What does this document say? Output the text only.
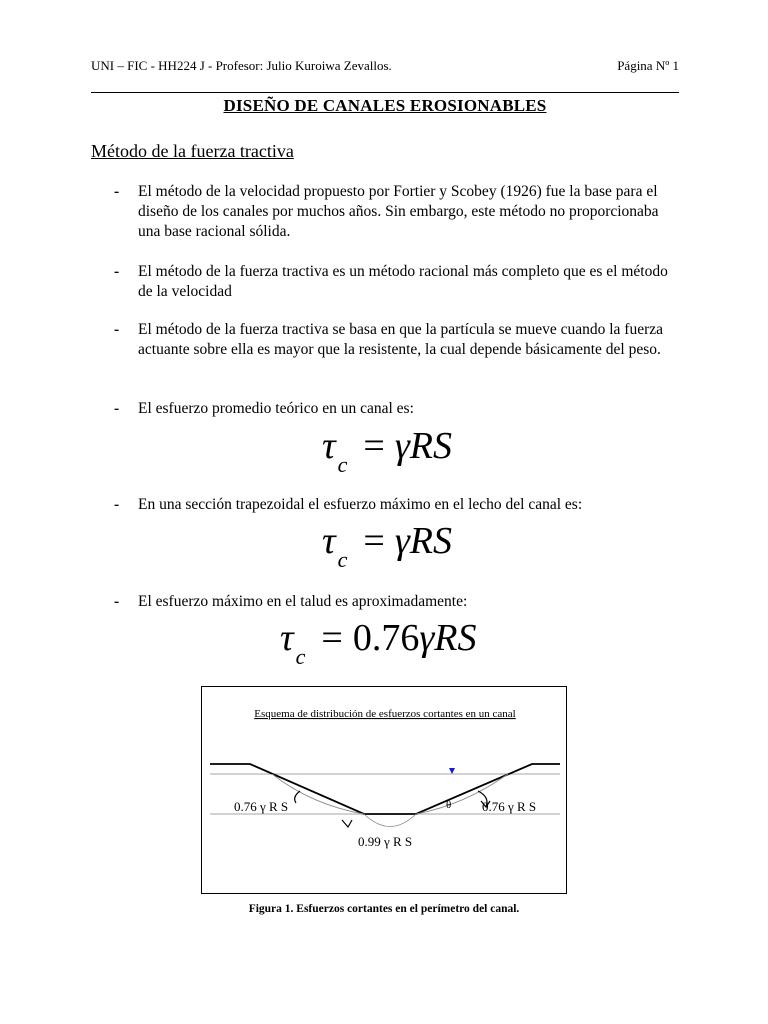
UNI – FIC - HH224 J - Profesor: Julio Kuroiwa Zevallos.	Página Nº 1
DISEÑO DE CANALES EROSIONABLES
Método de la fuerza tractiva
- El método de la velocidad propuesto por Fortier y Scobey (1926) fue la base para el diseño de los canales por muchos años. Sin embargo, este método no proporcionaba una base racional sólida.
- El método de la fuerza tractiva es un método racional más completo que es el método de la velocidad
- El método de la fuerza tractiva se basa en que la partícula se mueve cuando la fuerza actuante sobre ella es mayor que la resistente, la cual depende básicamente del peso.
- El esfuerzo promedio teórico en un canal es:
$\tau_c = \gamma RS$
- En una sección trapezoidal el esfuerzo máximo en el lecho del canal es:
$\tau_c = \gamma RS$
- El esfuerzo máximo en el talud es aproximadamente:
$\tau_c = 0.76\gamma RS$
Esquema de distribución de esfuerzos cortantes en un canal
0.76 γ R S	0.76 γ R S
θ
0.99 γ R S
Figura 1. Esfuerzos cortantes en el perímetro del canal.
